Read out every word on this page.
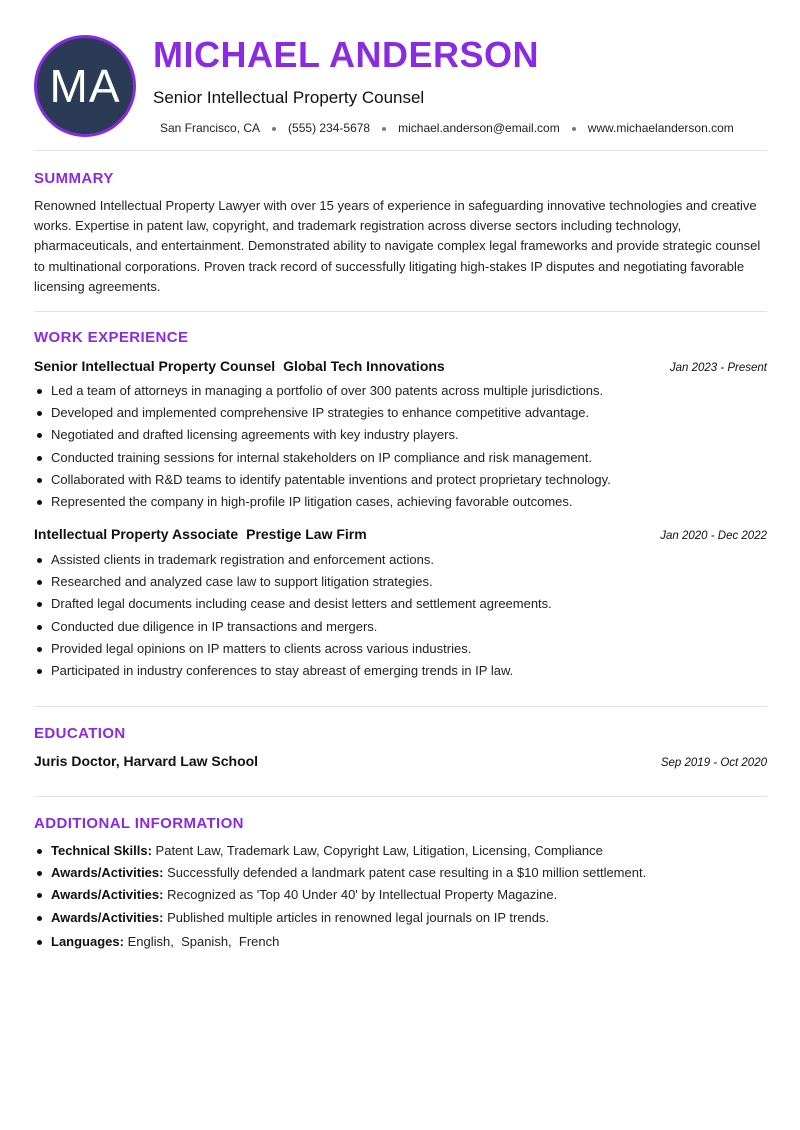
MA
MICHAEL ANDERSON
Senior Intellectual Property Counsel
San Francisco, CA (555) 234-5678 michael.anderson@email.com www.michaelanderson.com
SUMMARY
Renowned Intellectual Property Lawyer with over 15 years of experience in safeguarding innovative technologies and creative works. Expertise in patent law, copyright, and trademark registration across diverse sectors including technology, pharmaceuticals, and entertainment. Demonstrated ability to navigate complex legal frameworks and provide strategic counsel to multinational corporations. Proven track record of successfully litigating high-stakes IP disputes and negotiating favorable licensing agreements.
WORK EXPERIENCE
Senior Intellectual Property Counsel Global Tech Innovations	Jan 2023 - Present
Led a team of attorneys in managing a portfolio of over 300 patents across multiple jurisdictions.
Developed and implemented comprehensive IP strategies to enhance competitive advantage.
Negotiated and drafted licensing agreements with key industry players.
Conducted training sessions for internal stakeholders on IP compliance and risk management.
Collaborated with R&D teams to identify patentable inventions and protect proprietary technology.
Represented the company in high-profile IP litigation cases, achieving favorable outcomes.
Intellectual Property Associate Prestige Law Firm	Jan 2020 - Dec 2022
Assisted clients in trademark registration and enforcement actions.
Researched and analyzed case law to support litigation strategies.
Drafted legal documents including cease and desist letters and settlement agreements.
Conducted due diligence in IP transactions and mergers.
Provided legal opinions on IP matters to clients across various industries.
Participated in industry conferences to stay abreast of emerging trends in IP law.
EDUCATION
Juris Doctor, Harvard Law School	Sep 2019 - Oct 2020
ADDITIONAL INFORMATION
Technical Skills: Patent Law, Trademark Law, Copyright Law, Litigation, Licensing, Compliance
Awards/Activities: Successfully defended a landmark patent case resulting in a $10 million settlement.
Awards/Activities: Recognized as 'Top 40 Under 40' by Intellectual Property Magazine.
Awards/Activities: Published multiple articles in renowned legal journals on IP trends.
Languages: English,  Spanish,  French
